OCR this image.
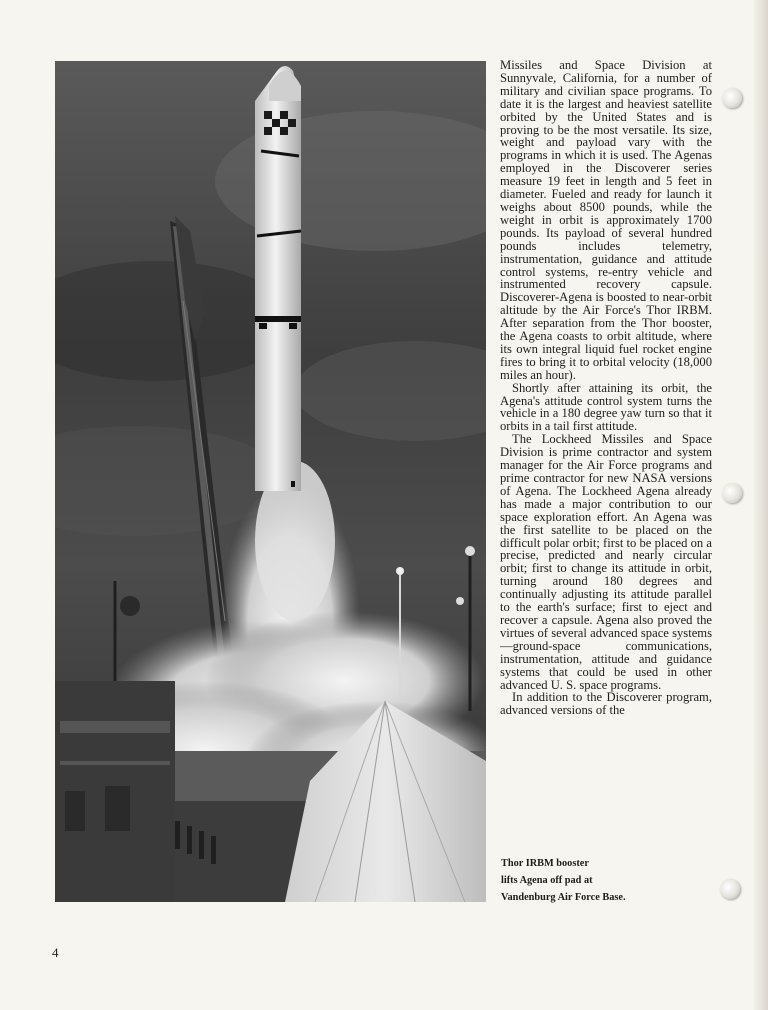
Missiles and Space Division at Sunnyvale, California, for a number of military and civilian space programs. To date it is the largest and heaviest satellite orbited by the United States and is proving to be the most versatile. Its size, weight and payload vary with the programs in which it is used. The Agenas employed in the Discoverer series measure 19 feet in length and 5 feet in diameter. Fueled and ready for launch it weighs about 8500 pounds, while the weight in orbit is approximately 1700 pounds. Its payload of several hundred pounds includes telemetry, instrumentation, guidance and attitude control systems, re-entry vehicle and instrumented recovery capsule. Discoverer-Agena is boosted to near-orbit altitude by the Air Force's Thor IRBM. After separation from the Thor booster, the Agena coasts to orbit altitude, where its own integral liquid fuel rocket engine fires to bring it to orbital velocity (18,000 miles an hour).

Shortly after attaining its orbit, the Agena's attitude control system turns the vehicle in a 180 degree yaw turn so that it orbits in a tail first attitude.

The Lockheed Missiles and Space Division is prime contractor and system manager for the Air Force programs and prime contractor for new NASA versions of Agena. The Lockheed Agena already has made a major contribution to our space exploration effort. An Agena was the first satellite to be placed on the difficult polar orbit; first to be placed on a precise, predicted and nearly circular orbit; first to change its attitude in orbit, turning around 180 degrees and continually adjusting its attitude parallel to the earth's surface; first to eject and recover a capsule. Agena also proved the virtues of several advanced space systems—ground-space communications, instrumentation, attitude and guidance systems that could be used in other advanced U. S. space programs.

In addition to the Discoverer program, advanced versions of the

Thor IRBM booster
lifts Agena off pad at
Vandenburg Air Force Base.
4
